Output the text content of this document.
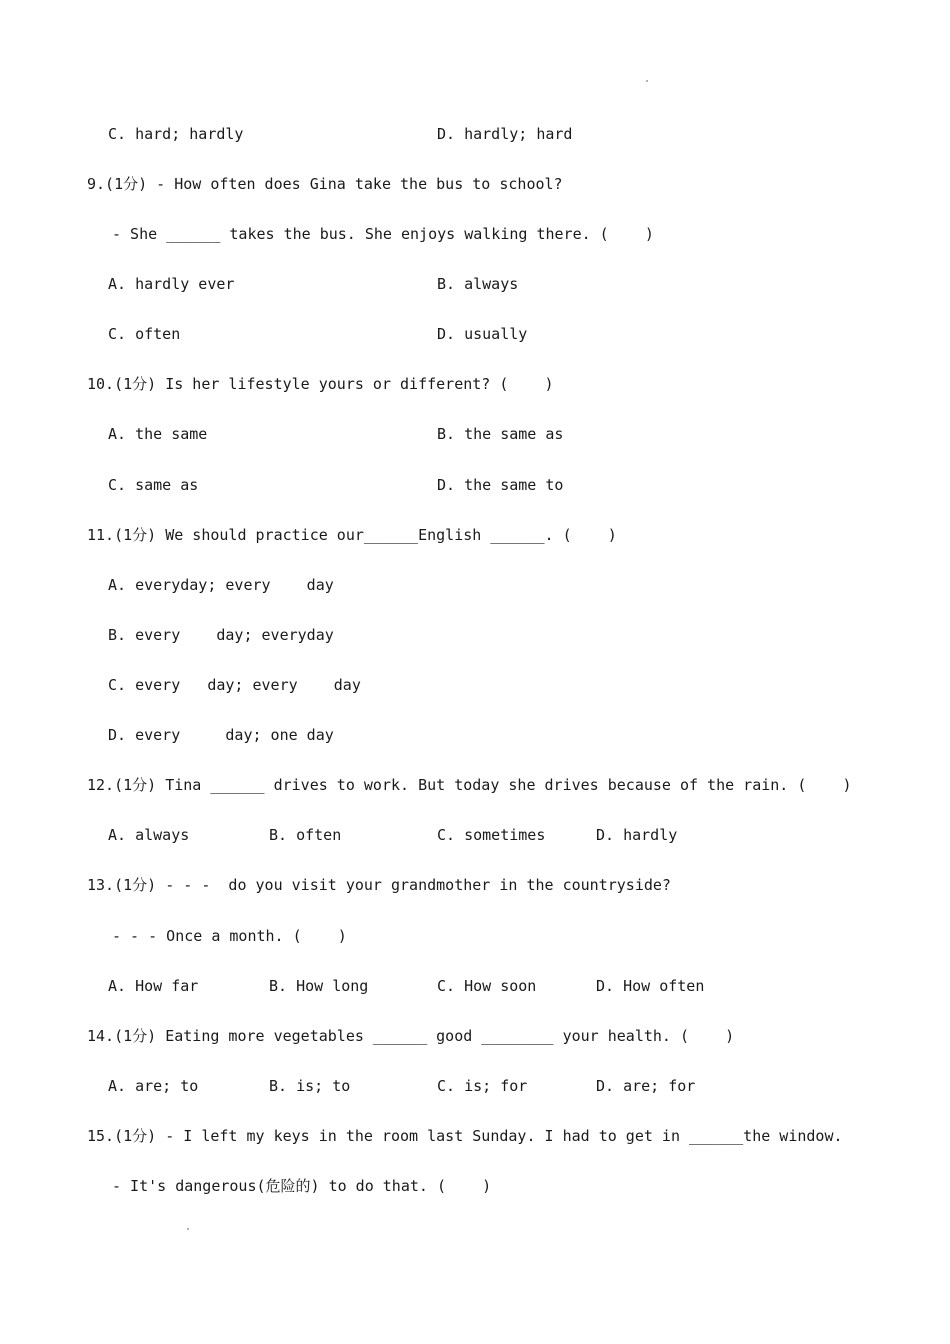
C. hard; hardly	D. hardly; hard
9.(1分) - How often does Gina take the bus to school?
- She ______ takes the bus. She enjoys walking there. (    )
A. hardly ever	B. always
C. often	D. usually
10.(1分) Is her lifestyle yours or different? (    )
A. the same	B. the same as
C. same as	D. the same to
11.(1分) We should practice our______English ______. (    )
A. everyday; every    day
B. every    day; everyday
C. every   day; every    day
D. every     day; one day
12.(1分) Tina ______ drives to work. But today she drives because of the rain. (    )
A. always	B. often	C. sometimes	D. hardly
13.(1分) - - -  do you visit your grandmother in the countryside?
- - - Once a month. (    )
A. How far	B. How long	C. How soon	D. How often
14.(1分) Eating more vegetables ______ good ________ your health. (    )
A. are; to	B. is; to	C. is; for	D. are; for
15.(1分) - I left my keys in the room last Sunday. I had to get in ______the window.
- It's dangerous(危险的) to do that. (    )
